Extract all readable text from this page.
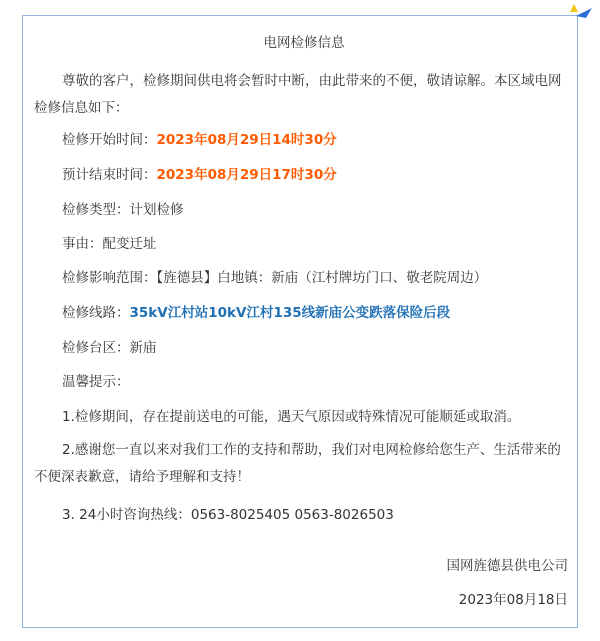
电网检修信息

尊敬的客户，检修期间供电将会暂时中断，由此带来的不便，敬请谅解。本区域电网检修信息如下：

检修开始时间：2023年08月29日14时30分

预计结束时间：2023年08月29日17时30分

检修类型：计划检修

事由：配变迁址

检修影响范围：【旌德县】白地镇：新庙（江村牌坊门口、敬老院周边）

检修线路：35kV江村站10kV江村135线新庙公变跌落保险后段

检修台区：新庙

温馨提示：

1.检修期间，存在提前送电的可能，遇天气原因或特殊情况可能顺延或取消。

2.感谢您一直以来对我们工作的支持和帮助，我们对电网检修给您生产、生活带来的不便深表歉意，请给予理解和支持！

3. 24小时咨询热线：0563-8025405 0563-8026503

国网旌德县供电公司

2023年08月18日
